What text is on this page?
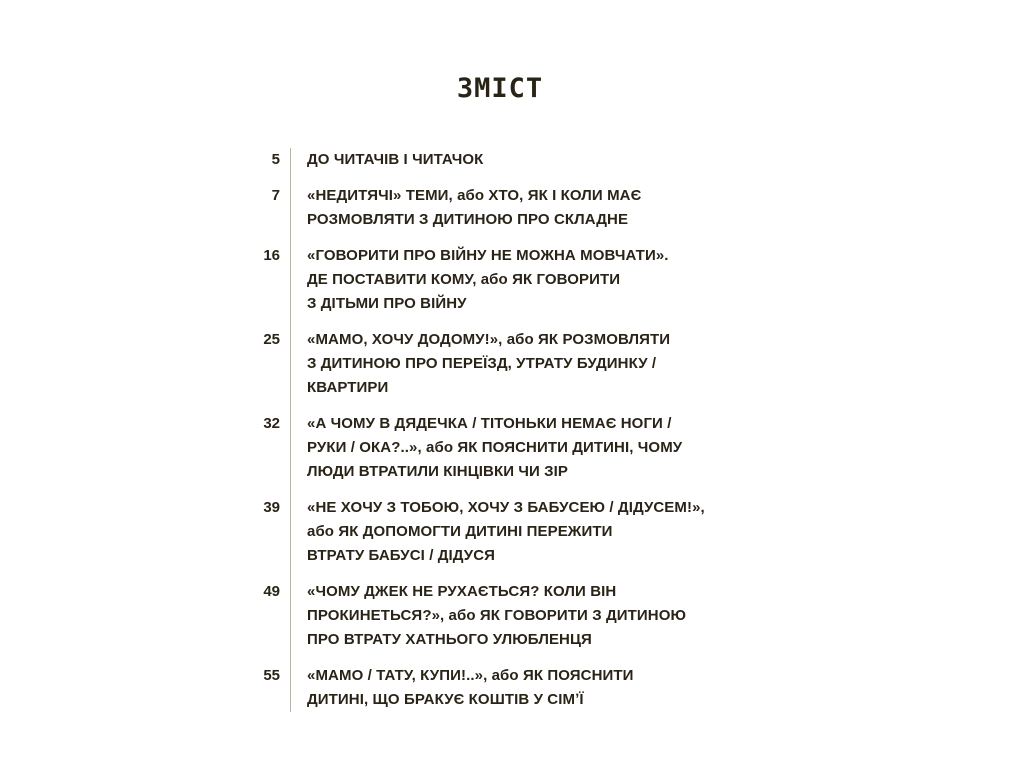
ЗМІСТ
5	ДО ЧИТАЧІВ І ЧИТАЧОК
7	«НЕДИТЯЧІ» ТЕМИ, або ХТО, ЯК І КОЛИ МАЄ
РОЗМОВЛЯТИ З ДИТИНОЮ ПРО СКЛАДНЕ
16	«ГОВОРИТИ ПРО ВІЙНУ НЕ МОЖНА МОВЧАТИ».
ДЕ ПОСТАВИТИ КОМУ, або ЯК ГОВОРИТИ
З ДІТЬМИ ПРО ВІЙНУ
25	«МАМО, ХОЧУ ДОДОМУ!», або ЯК РОЗМОВЛЯТИ
З ДИТИНОЮ ПРО ПЕРЕЇЗД, УТРАТУ БУДИНКУ /
КВАРТИРИ
32	«А ЧОМУ В ДЯДЕЧКА / ТІТОНЬКИ НЕМАЄ НОГИ /
РУКИ / ОКА?..», або ЯК ПОЯСНИТИ ДИТИНІ, ЧОМУ
ЛЮДИ ВТРАТИЛИ КІНЦІВКИ ЧИ ЗІР
39	«НЕ ХОЧУ З ТОБОЮ, ХОЧУ З БАБУСЕЮ / ДІДУСЕМ!»,
або ЯК ДОПОМОГТИ ДИТИНІ ПЕРЕЖИТИ
ВТРАТУ БАБУСІ / ДІДУСЯ
49	«ЧОМУ ДЖЕК НЕ РУХАЄТЬСЯ? КОЛИ ВІН
ПРОКИНЕТЬСЯ?», або ЯК ГОВОРИТИ З ДИТИНОЮ
ПРО ВТРАТУ ХАТНЬОГО УЛЮБЛЕНЦЯ
55	«МАМО / ТАТУ, КУПИ!..», або ЯК ПОЯСНИТИ
ДИТИНІ, ЩО БРАКУЄ КОШТІВ У СІМʼЇ
